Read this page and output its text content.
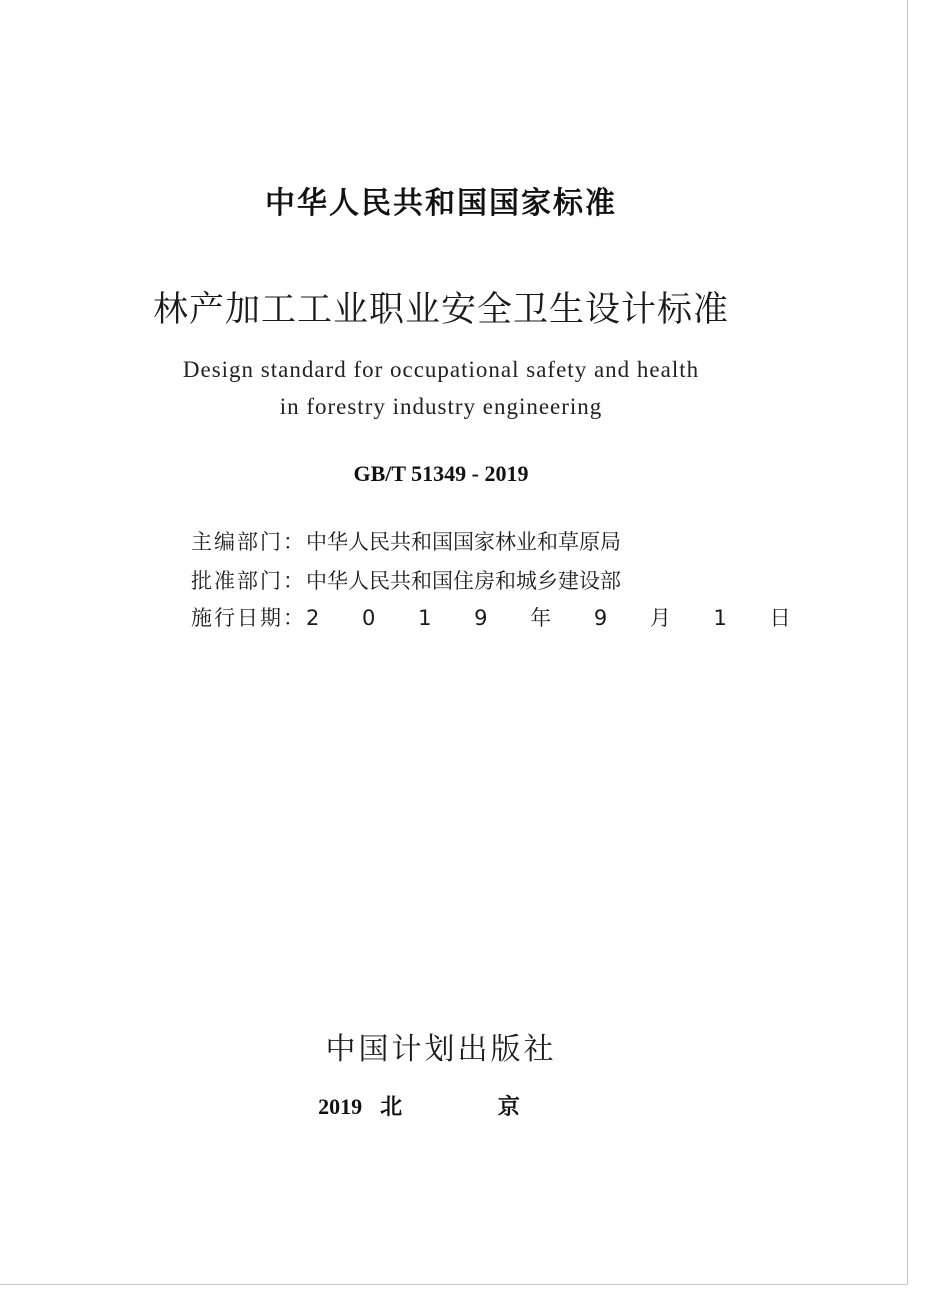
中华人民共和国国家标准
林产加工工业职业安全卫生设计标准
Design standard for occupational safety and health
in forestry industry engineering
GB/T 51349 - 2019
主编部门：中华人民共和国国家林业和草原局
批准部门：中华人民共和国住房和城乡建设部
施行日期：2 0 1 9 年 9 月 1 日
中国计划出版社
2019 北 京
